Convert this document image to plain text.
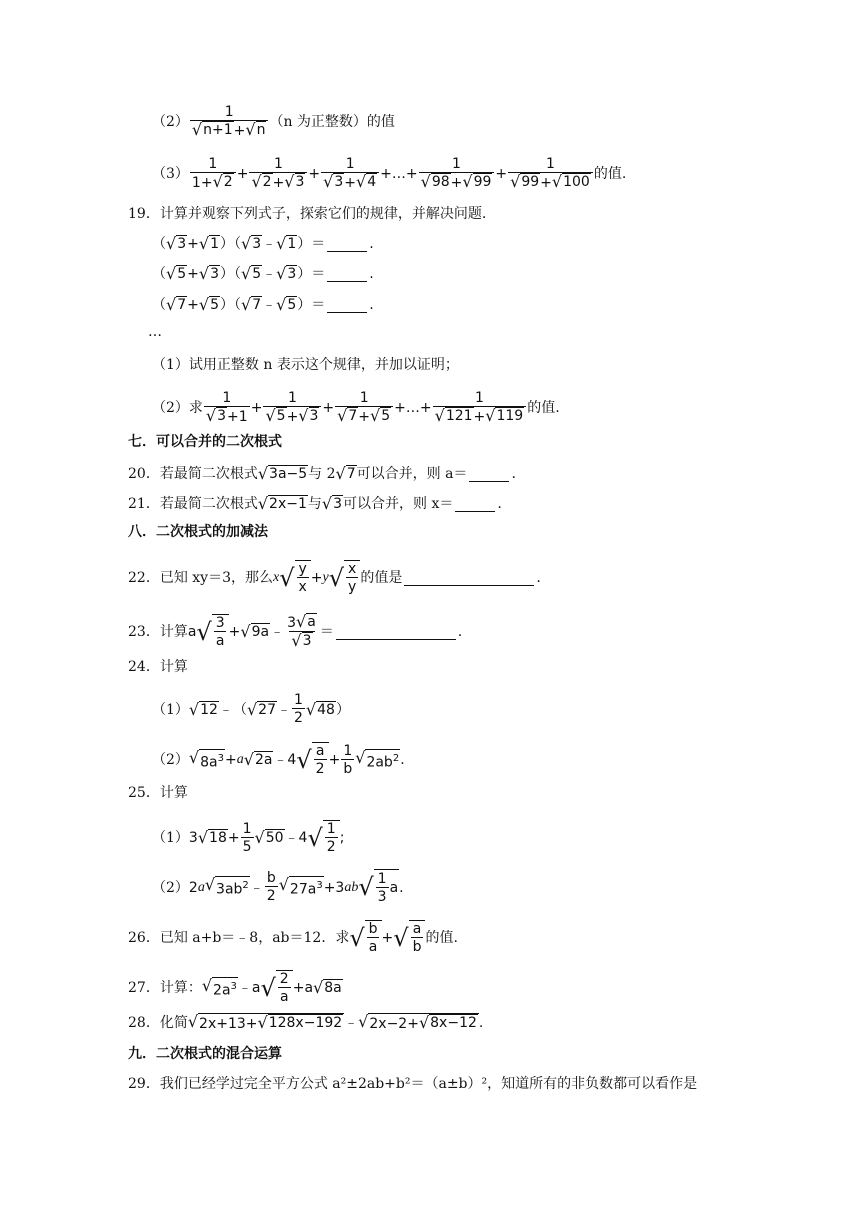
$(2) \frac{1}{√ n+1 + √ n} (n$ 为正整数）的值
$(3) \frac{1}{1+ √ 2} + \frac{1}{√ 2 + √ 3} + \frac{1}{√ 3 + √ 4}$ +…+ $\frac{1}{√ 98 + √ 99} + \frac{1}{√ 99 + √ 100}$ 的值.
19．计算并观察下列式子，探索它们的规律，并解决问题.
（ √ 3 + √ 1 ）（ √ 3 ﹣ √ 1 ） ＝	.
（ √ 5 + √ 3 ）（ √ 5 ﹣ √ 3 ） ＝	.
（ √ 7 + √ 5 ）（ √ 7 ﹣ √ 5 ） ＝	.
…
（1）试用正整数 n 表示这个规律，并加以证明；
（2）求 $\frac{1}{√ 3 +1} + \frac{1}{√ 5 + √ 3} + \frac{1}{√ 7 + √ 5}$ +…+ $\frac{1}{√ 121 + √ 119}$ 的值.
七．可以合并的二次根式
20．若最简二次根式 √ 3a−5 与 2 √ 7 可以合并，则 a＝	.
21．若最简二次根式 √ 2x−1 与 √ 3 可以合并，则 x＝	.
八．二次根式的加减法
22．已知 xy＝3，那么 x √ $\frac{y}{x} + y$ √ $\frac{x}{y}$ 的值是	.
23．计算 a √ $\frac{3}{a}$ + √ 9a ﹣ $\frac{3 √ a}{√ 3}$ ＝	.
24．计算
（1） √ 12 ﹣（ √ 27 ﹣ $\frac{1}{2}$ √ 48 ）
（2） √ $8a^3 + a$ √ 2a ﹣4 √ $\frac{a}{2} + \frac{1}{b}$ √ $2ab^2$ .
25．计算
（1） 3 √ $18 + \frac{1}{5}$ √ 50 ﹣4 √ $\frac{1}{2}$ ;
（2） 2 a √ $3ab^2$ ﹣ $\frac{b}{2}$ √ $27a^3 +3$ ab √ $\frac{1}{3}$ a .
26．已知 a+b＝﹣8，ab＝12．求 √ $\frac{b}{a}$ + √ $\frac{a}{b}$ 的值.
27．计算： √ $2a^3$ ﹣a √ $\frac{2}{a} +a$ √ 8a
28．化简 √ 2x+13+ √ 128x−192 ﹣ √ 2x−2+ √ 8x−12 .
九．二次根式的混合运算
29．我们已经学过完全平方公式 a²±2ab+b²＝（a±b）²，知道所有的非负数都可以看作是
